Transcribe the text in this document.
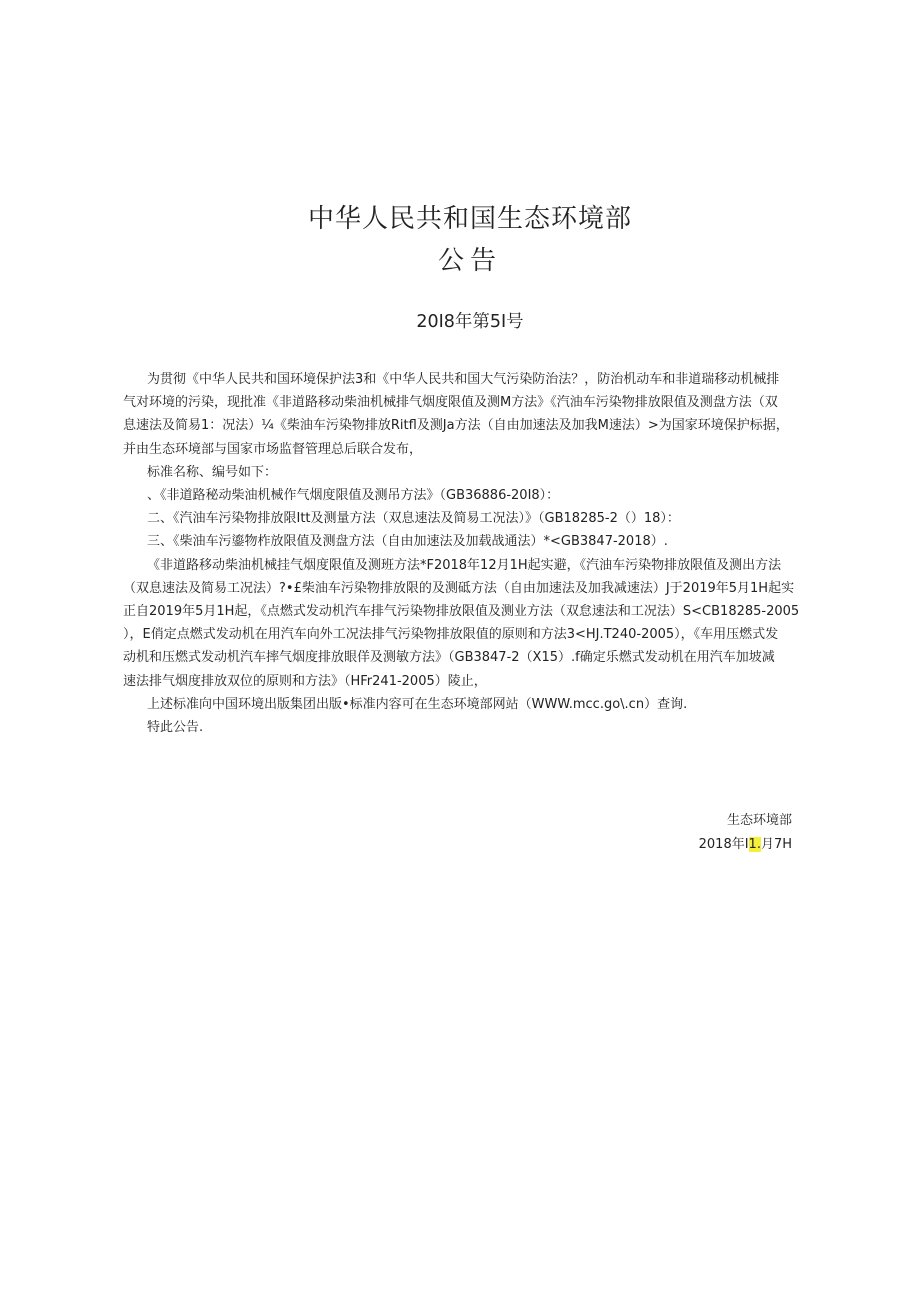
中华人民共和国生态环境部
公告
20I8年第5I号
为贯彻《中华人民共和国环境保护法3和《中华人民共和国大气污染防治法？，防治机动车和非道瑞移动机械排
气对环境的污染，现批准《非道路移动柴油机械排气烟度限值及测M方法》《汽油车污染物排放限值及测盘方法（双
息速法及简易1：况法）¼《柴油车污染物排放Ritfl及测Ja方法（自由加速法及加我M速法）>为国家环境保护标据，
并由生态环境部与国家市场监督管理总后联合发布，
标准名称、编号如下：
、《非道路秘动柴油机械作气烟度限值及测吊方法》（GB36886-20I8）：
二、《汽油车污染物排放限Itt及测量方法（双息速法及简易工况法）》（GB18285-2（）18）：
三、《柴油车污鎏物柞放限值及测盘方法（自由加速法及加载战通法）*<GB3847-2018）.
《非道路移动柴油机械挂气烟度限值及测班方法*F2018年12月1H起实避，《汽油车污染物排放限值及测出方法
（双息速法及简易工况法）?•£柴油车污染物排放限的及测砥方法（自由加速法及加我减速法）J于2019年5月1H起实
正自2019年5月1H起，《点燃式发动机汽车排气污染物排放限值及测业方法（双怠速法和工况法）S<CB18285-2005
），E俏定点燃式发动机在用汽车向外工况法排气污染物排放限值的原则和方法3<HJ.T240-2005），《车用压燃式发
动机和压燃式发动机汽车摔气烟度排放眼佯及测敏方法》（GB3847-2（X15）.f确定乐燃式发动机在用汽车加坡减
速法排气烟度排放双位的原则和方法》（HFr241-2005）陵止，
上述标准向中国环境出版集团出版•标准内容可在生态环境部网站（WWW.mcc.go\.cn）查询.
特此公告.
生态环境部
2018年I1.月7H
